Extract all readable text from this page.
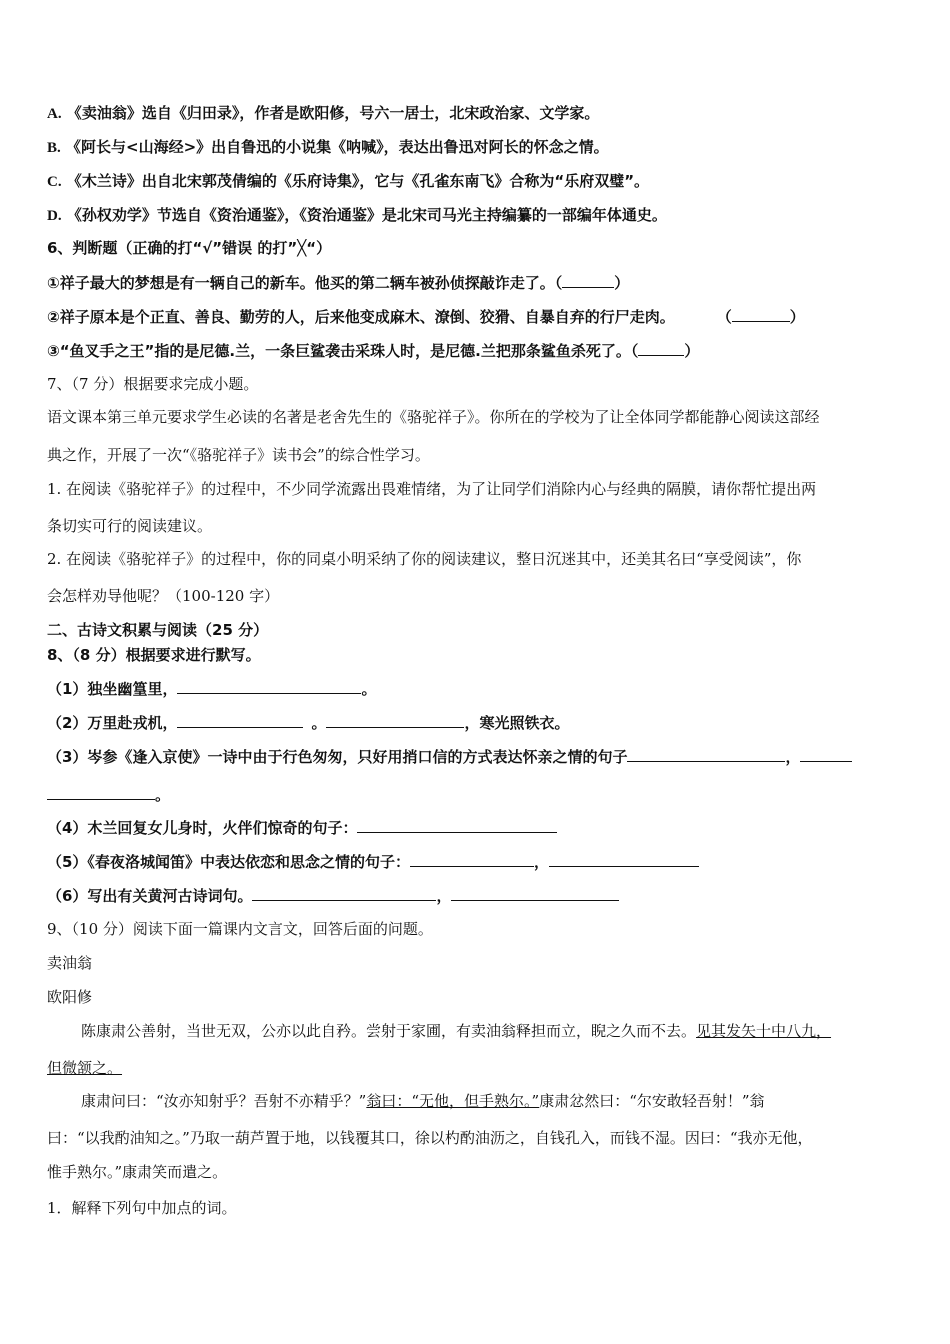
A. 《卖油翁》选自《归田录》，作者是欧阳修，号六一居士，北宋政治家、文学家。
B. 《阿长与<山海经>》出自鲁迅的小说集《呐喊》，表达出鲁迅对阿长的怀念之情。
C. 《木兰诗》出自北宋郭茂倩编的《乐府诗集》，它与《孔雀东南飞》合称为“乐府双璧”。
D. 《孙权劝学》节选自《资治通鉴》，《资治通鉴》是北宋司马光主持编纂的一部编年体通史。
6、判断题（正确的打“√”错误 的打”╳“）
①祥子最大的梦想是有一辆自己的新车。他买的第二辆车被孙侦探敲诈走了。（	）
②祥子原本是个正直、善良、勤劳的人，后来他变成麻木、潦倒、狡猾、自暴自弃的行尸走肉。	（	）
③“鱼叉手之王”指的是尼德.兰，一条巨鲨袭击采珠人时，是尼德.兰把那条鲨鱼杀死了。（	）
7、（7 分）根据要求完成小题。
语文课本第三单元要求学生必读的名著是老舍先生的《骆驼祥子》。你所在的学校为了让全体同学都能静心阅读这部经
典之作，开展了一次“《骆驼祥子》读书会”的综合性学习。
1. 在阅读《骆驼祥子》的过程中，不少同学流露出畏难情绪，为了让同学们消除内心与经典的隔膜，请你帮忙提出两
条切实可行的阅读建议。
2. 在阅读《骆驼祥子》的过程中，你的同桌小明采纳了你的阅读建议，整日沉迷其中，还美其名曰“享受阅读”，你
会怎样劝导他呢？（100-120 字）
二、古诗文积累与阅读（25 分）
8、（8 分）根据要求进行默写。
（1）独坐幽篁里，	。
（2）万里赴戎机，	。	，寒光照铁衣。
（3）岑参《逢入京使》一诗中由于行色匆匆，只好用捎口信的方式表达怀亲之情的句子	，
。
（4）木兰回复女儿身时，火伴们惊奇的句子：
（5）《春夜洛城闻笛》中表达依恋和思念之情的句子：	，
（6）写出有关黄河古诗词句。	，
9、（10 分）阅读下面一篇课内文言文，回答后面的问题。
卖油翁
欧阳修
陈康肃公善射，当世无双，公亦以此自矜。尝射于家圃，有卖油翁释担而立，睨之久而不去。见其发矢十中八九，
但微颔之。
康肃问曰：“汝亦知射乎？吾射不亦精乎？”翁曰：“无他，但手熟尔。”康肃忿然曰：“尔安敢轻吾射！”翁
曰：“以我酌油知之。”乃取一葫芦置于地，以钱覆其口，徐以杓酌油沥之，自钱孔入，而钱不湿。因曰：“我亦无他，
惟手熟尔。”康肃笑而遣之。
1．解释下列句中加点的词。
